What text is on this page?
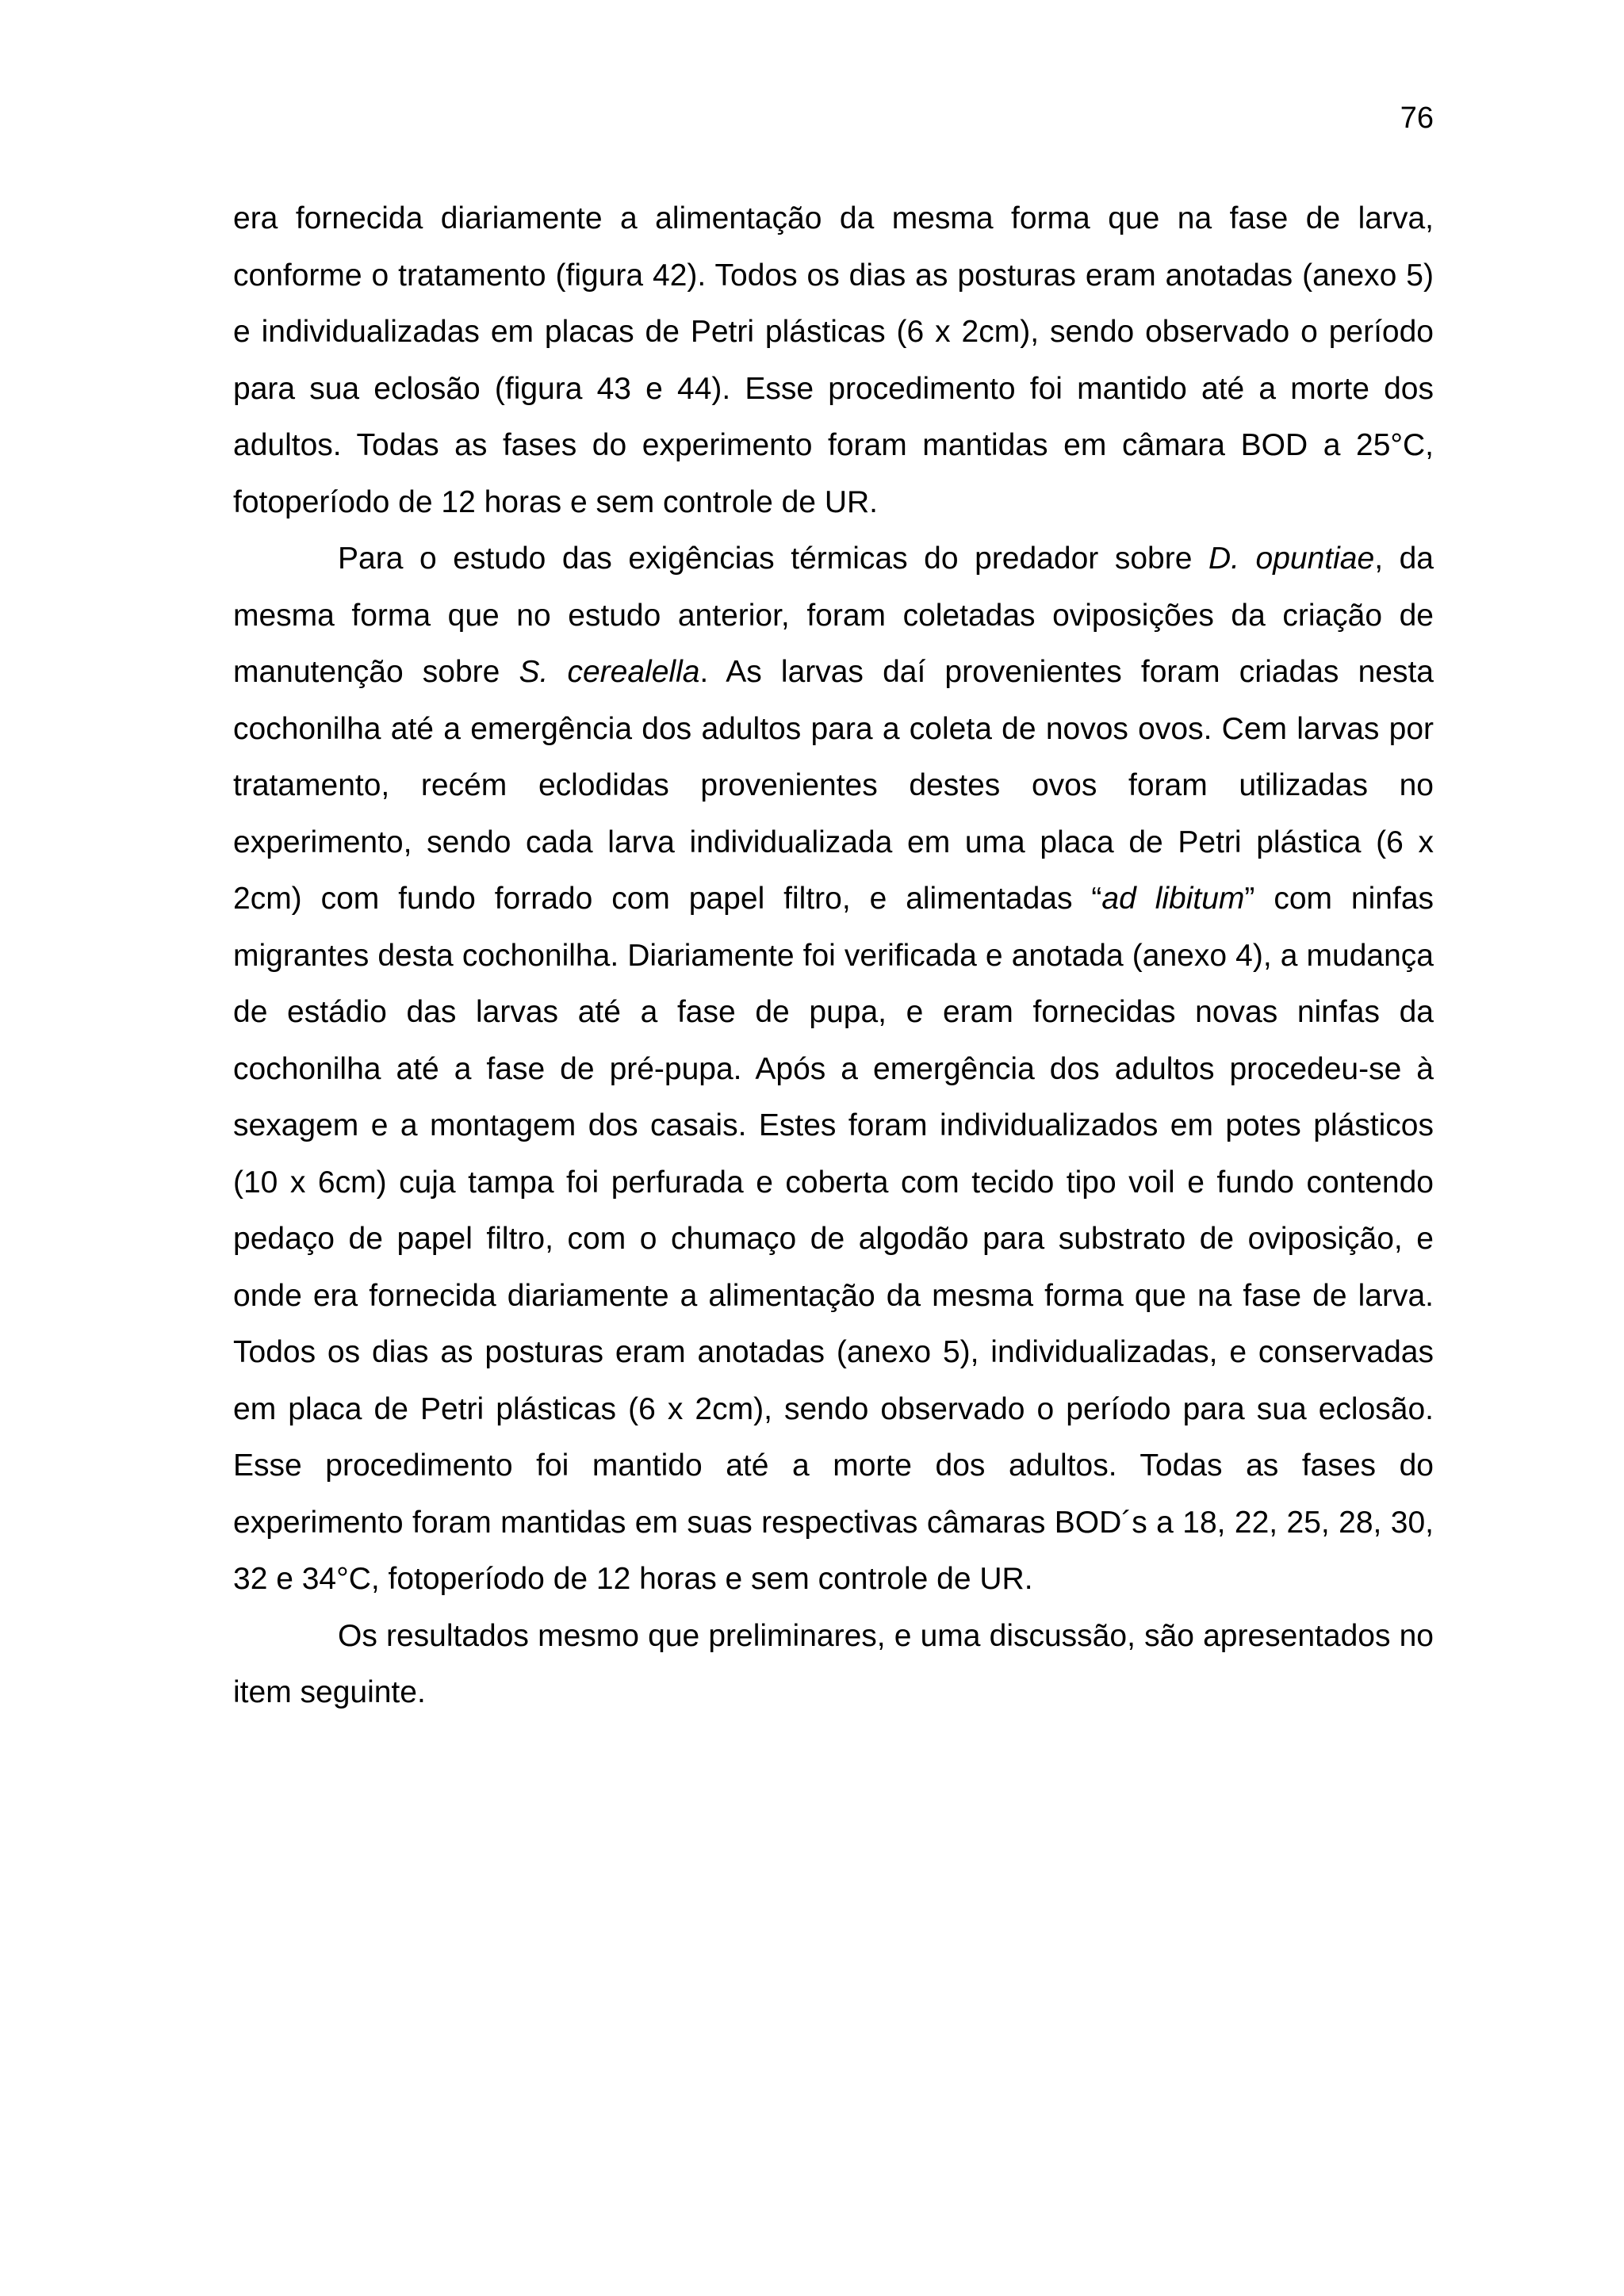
76

era fornecida diariamente a alimentação da mesma forma que na fase de larva, conforme o tratamento (figura 42). Todos os dias as posturas eram anotadas (anexo 5) e individualizadas em placas de Petri plásticas (6 x 2cm), sendo observado o período para sua eclosão (figura 43 e 44). Esse procedimento foi mantido até a morte dos adultos. Todas as fases do experimento foram mantidas em câmara BOD a 25°C, fotoperíodo de 12 horas e sem controle de UR.

Para o estudo das exigências térmicas do predador sobre D. opuntiae, da mesma forma que no estudo anterior, foram coletadas oviposições da criação de manutenção sobre S. cerealella. As larvas daí provenientes foram criadas nesta cochonilha até a emergência dos adultos para a coleta de novos ovos. Cem larvas por tratamento, recém eclodidas provenientes destes ovos foram utilizadas no experimento, sendo cada larva individualizada em uma placa de Petri plástica (6 x 2cm) com fundo forrado com papel filtro, e alimentadas “ad libitum” com ninfas migrantes desta cochonilha. Diariamente foi verificada e anotada (anexo 4), a mudança de estádio das larvas até a fase de pupa, e eram fornecidas novas ninfas da cochonilha até a fase de pré-pupa. Após a emergência dos adultos procedeu-se à sexagem e a montagem dos casais. Estes foram individualizados em potes plásticos (10 x 6cm) cuja tampa foi perfurada e coberta com tecido tipo voil e fundo contendo pedaço de papel filtro, com o chumaço de algodão para substrato de oviposição, e onde era fornecida diariamente a alimentação da mesma forma que na fase de larva. Todos os dias as posturas eram anotadas (anexo 5), individualizadas, e conservadas em placa de Petri plásticas (6 x 2cm), sendo observado o período para sua eclosão. Esse procedimento foi mantido até a morte dos adultos. Todas as fases do experimento foram mantidas em suas respectivas câmaras BOD´s a 18, 22, 25, 28, 30, 32 e 34°C, fotoperíodo de 12 horas e sem controle de UR.

Os resultados mesmo que preliminares, e uma discussão, são apresentados no item seguinte.
